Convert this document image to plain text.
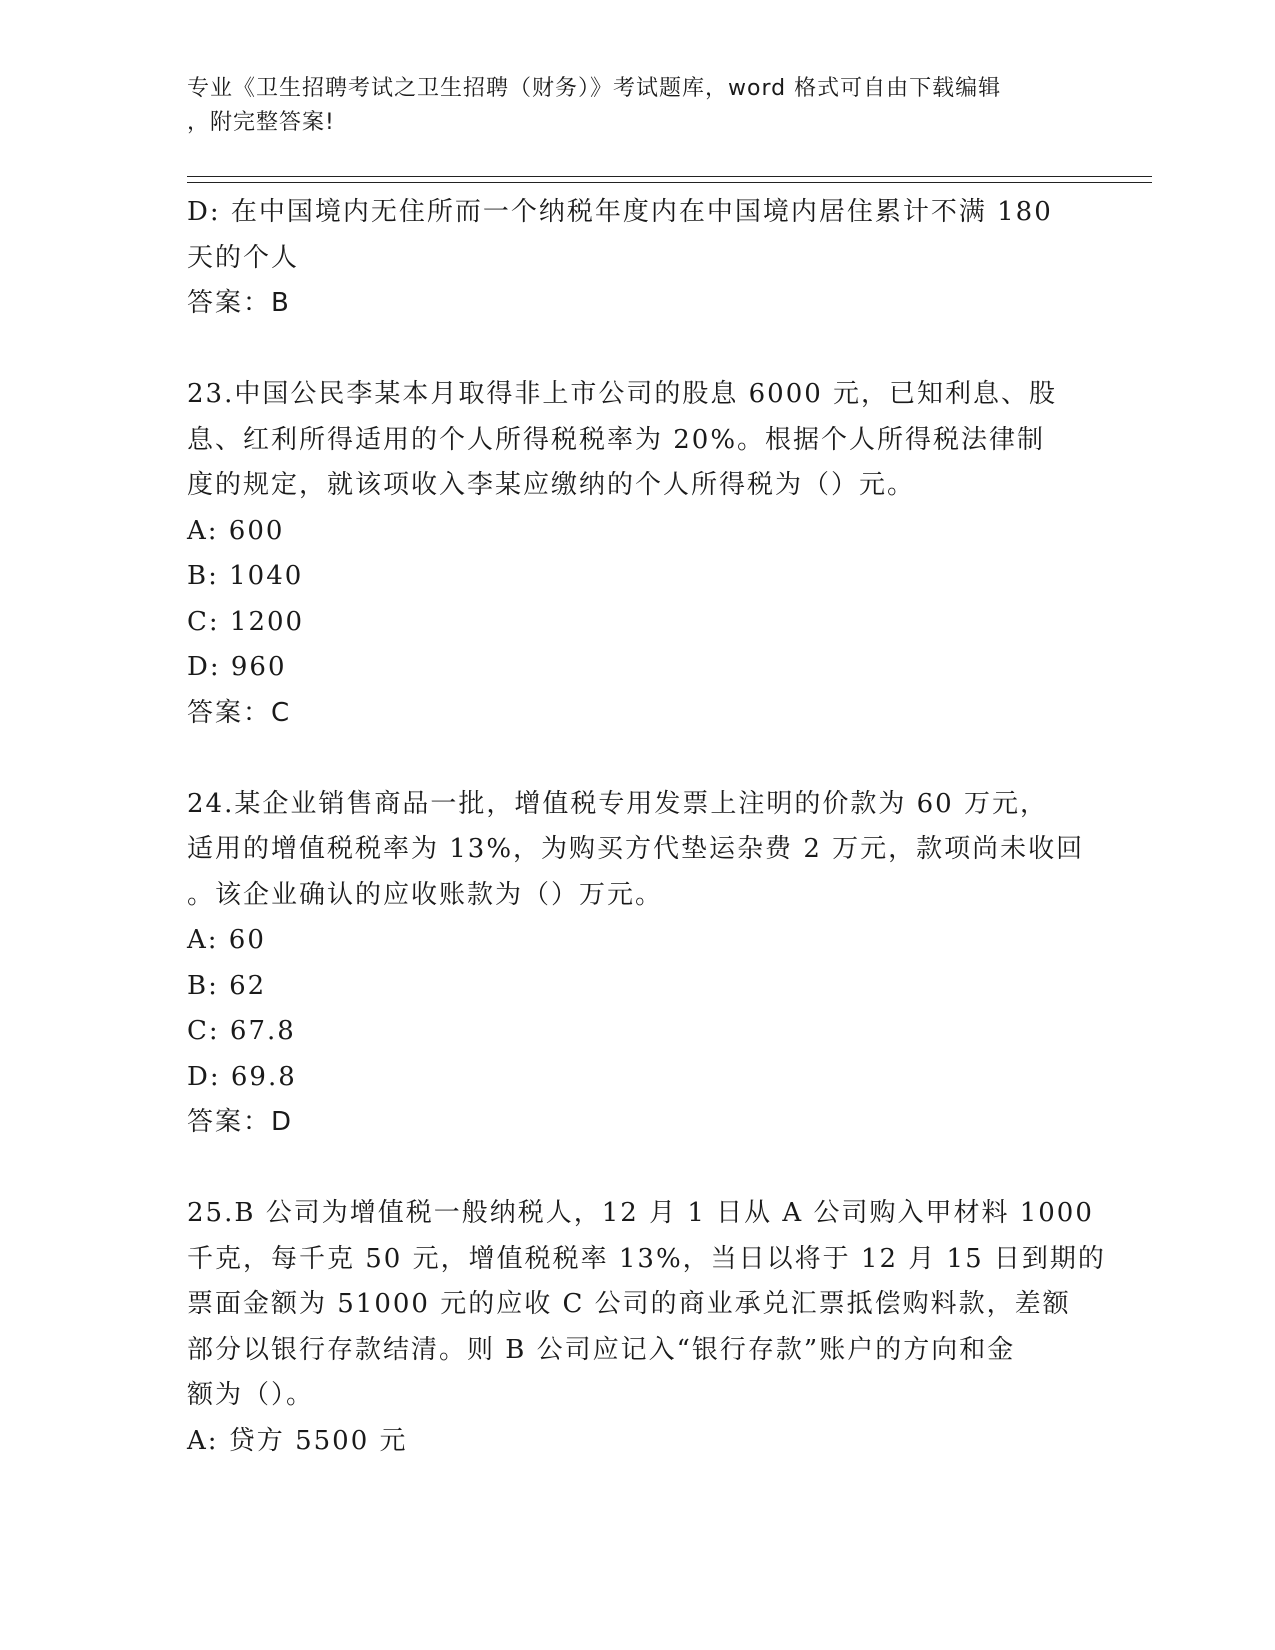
专业《卫生招聘考试之卫生招聘（财务）》考试题库，word 格式可自由下载编辑
，附完整答案!
D: 在中国境内无住所而一个纳税年度内在中国境内居住累计不满 180
天的个人
答案：B
23.中国公民李某本月取得非上市公司的股息 6000 元，已知利息、股
息、红利所得适用的个人所得税税率为 20%。根据个人所得税法律制
度的规定，就该项收入李某应缴纳的个人所得税为（）元。
A: 600
B: 1040
C: 1200
D: 960
答案：C
24.某企业销售商品一批，增值税专用发票上注明的价款为 60 万元，
适用的增值税税率为 13%，为购买方代垫运杂费 2 万元，款项尚未收回
。该企业确认的应收账款为（）万元。
A: 60
B: 62
C: 67.8
D: 69.8
答案：D
25.B 公司为增值税一般纳税人，12 月 1 日从 A 公司购入甲材料 1000
千克，每千克 50 元，增值税税率 13%，当日以将于 12 月 15 日到期的
票面金额为 51000 元的应收 C 公司的商业承兑汇票抵偿购料款，差额
部分以银行存款结清。则 B 公司应记入“银行存款”账户的方向和金
额为（）。
A: 贷方 5500 元
